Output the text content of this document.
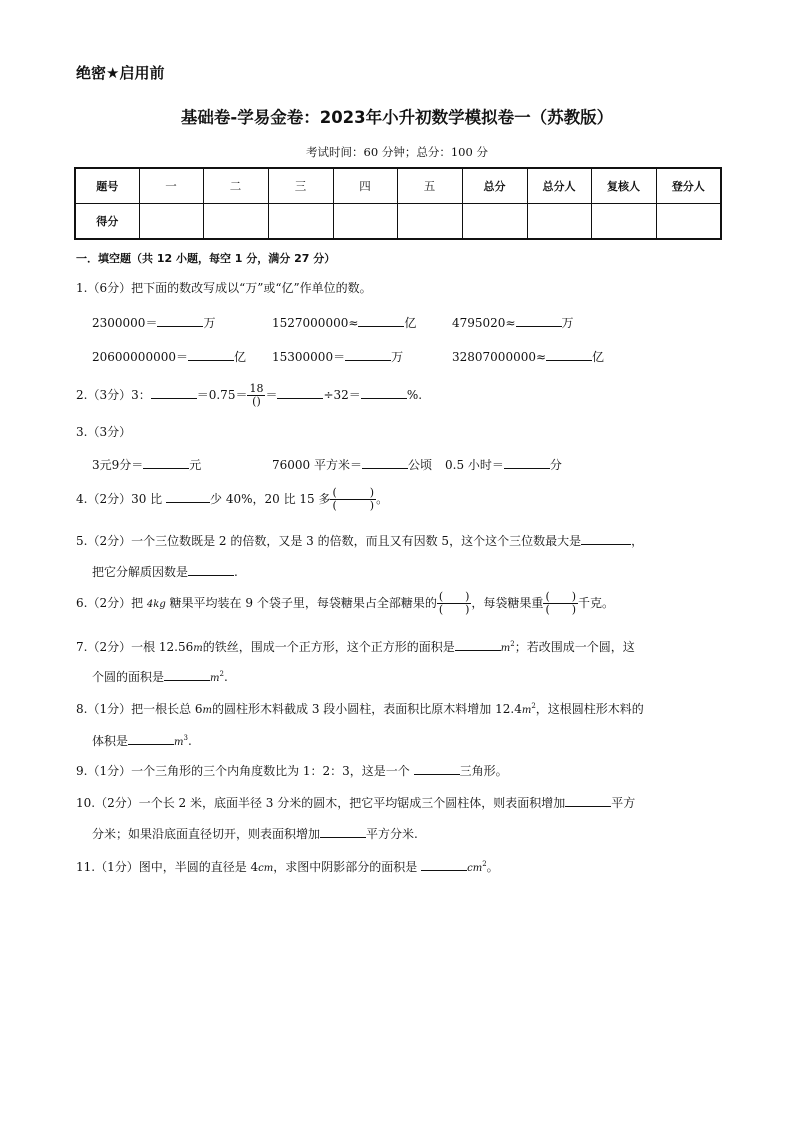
绝密★启用前
基础卷-学易金卷：2023年小升初数学模拟卷一（苏教版）
考试时间：60 分钟；总分：100 分
题号	一	二	三	四	五	总分	总分人	复核人	登分人
得分									
一．填空题（共 12 小题，每空 1 分，满分 27 分）
1.（6分）把下面的数改写成以“万”或“亿”作单位的数。
2300000＝	万	1527000000≈	亿	4795020≈	万
20600000000＝	亿 15300000＝	万	32807000000≈	亿
2.（3分）3：	$=0.75= \frac{18}{()}$ ＝	÷32＝	%.
3.（3分）
3元9分＝	元	76000 平方米＝	公顷 0.5 小时＝	分
4.（2分）30 比	少 40%，20 比 15 多 $\frac{( )}{( )}$ 。
5.（2分）一个三位数既是 2 的倍数，又是 3 的倍数，而且又有因数 5，这个这个三位数最大是	，
把它分解质因数是	.
6.（2分）把 4kg 糖果平均装在 9 个袋子里，每袋糖果占全部糖果的 $\frac{( )}{( )}$ ，每袋糖果重 $\frac{( )}{( )}$ 千克。
7.（2分）一根 12.56m的铁丝，围成一个正方形，这个正方形的面积是	$m^2$；若改围成一个圆，这
个圆的面积是	$m^2$.
8.（1分）把一根长总 6m的圆柱形木料截成 3 段小圆柱，表面积比原木料增加 $12.4m^2$，这根圆柱形木料的
体积是	$m^3$.
9.（1分）一个三角形的三个内角度数比为 1：2：3，这是一个	三角形。
10.（2分）一个长 2 米，底面半径 3 分米的圆木，把它平均锯成三个圆柱体，则表面积增加	平方
分米；如果沿底面直径切开，则表面积增加	平方分米.
11.（1分）图中，半圆的直径是 4cm，求图中阴影部分的面积是	$cm^2$。
